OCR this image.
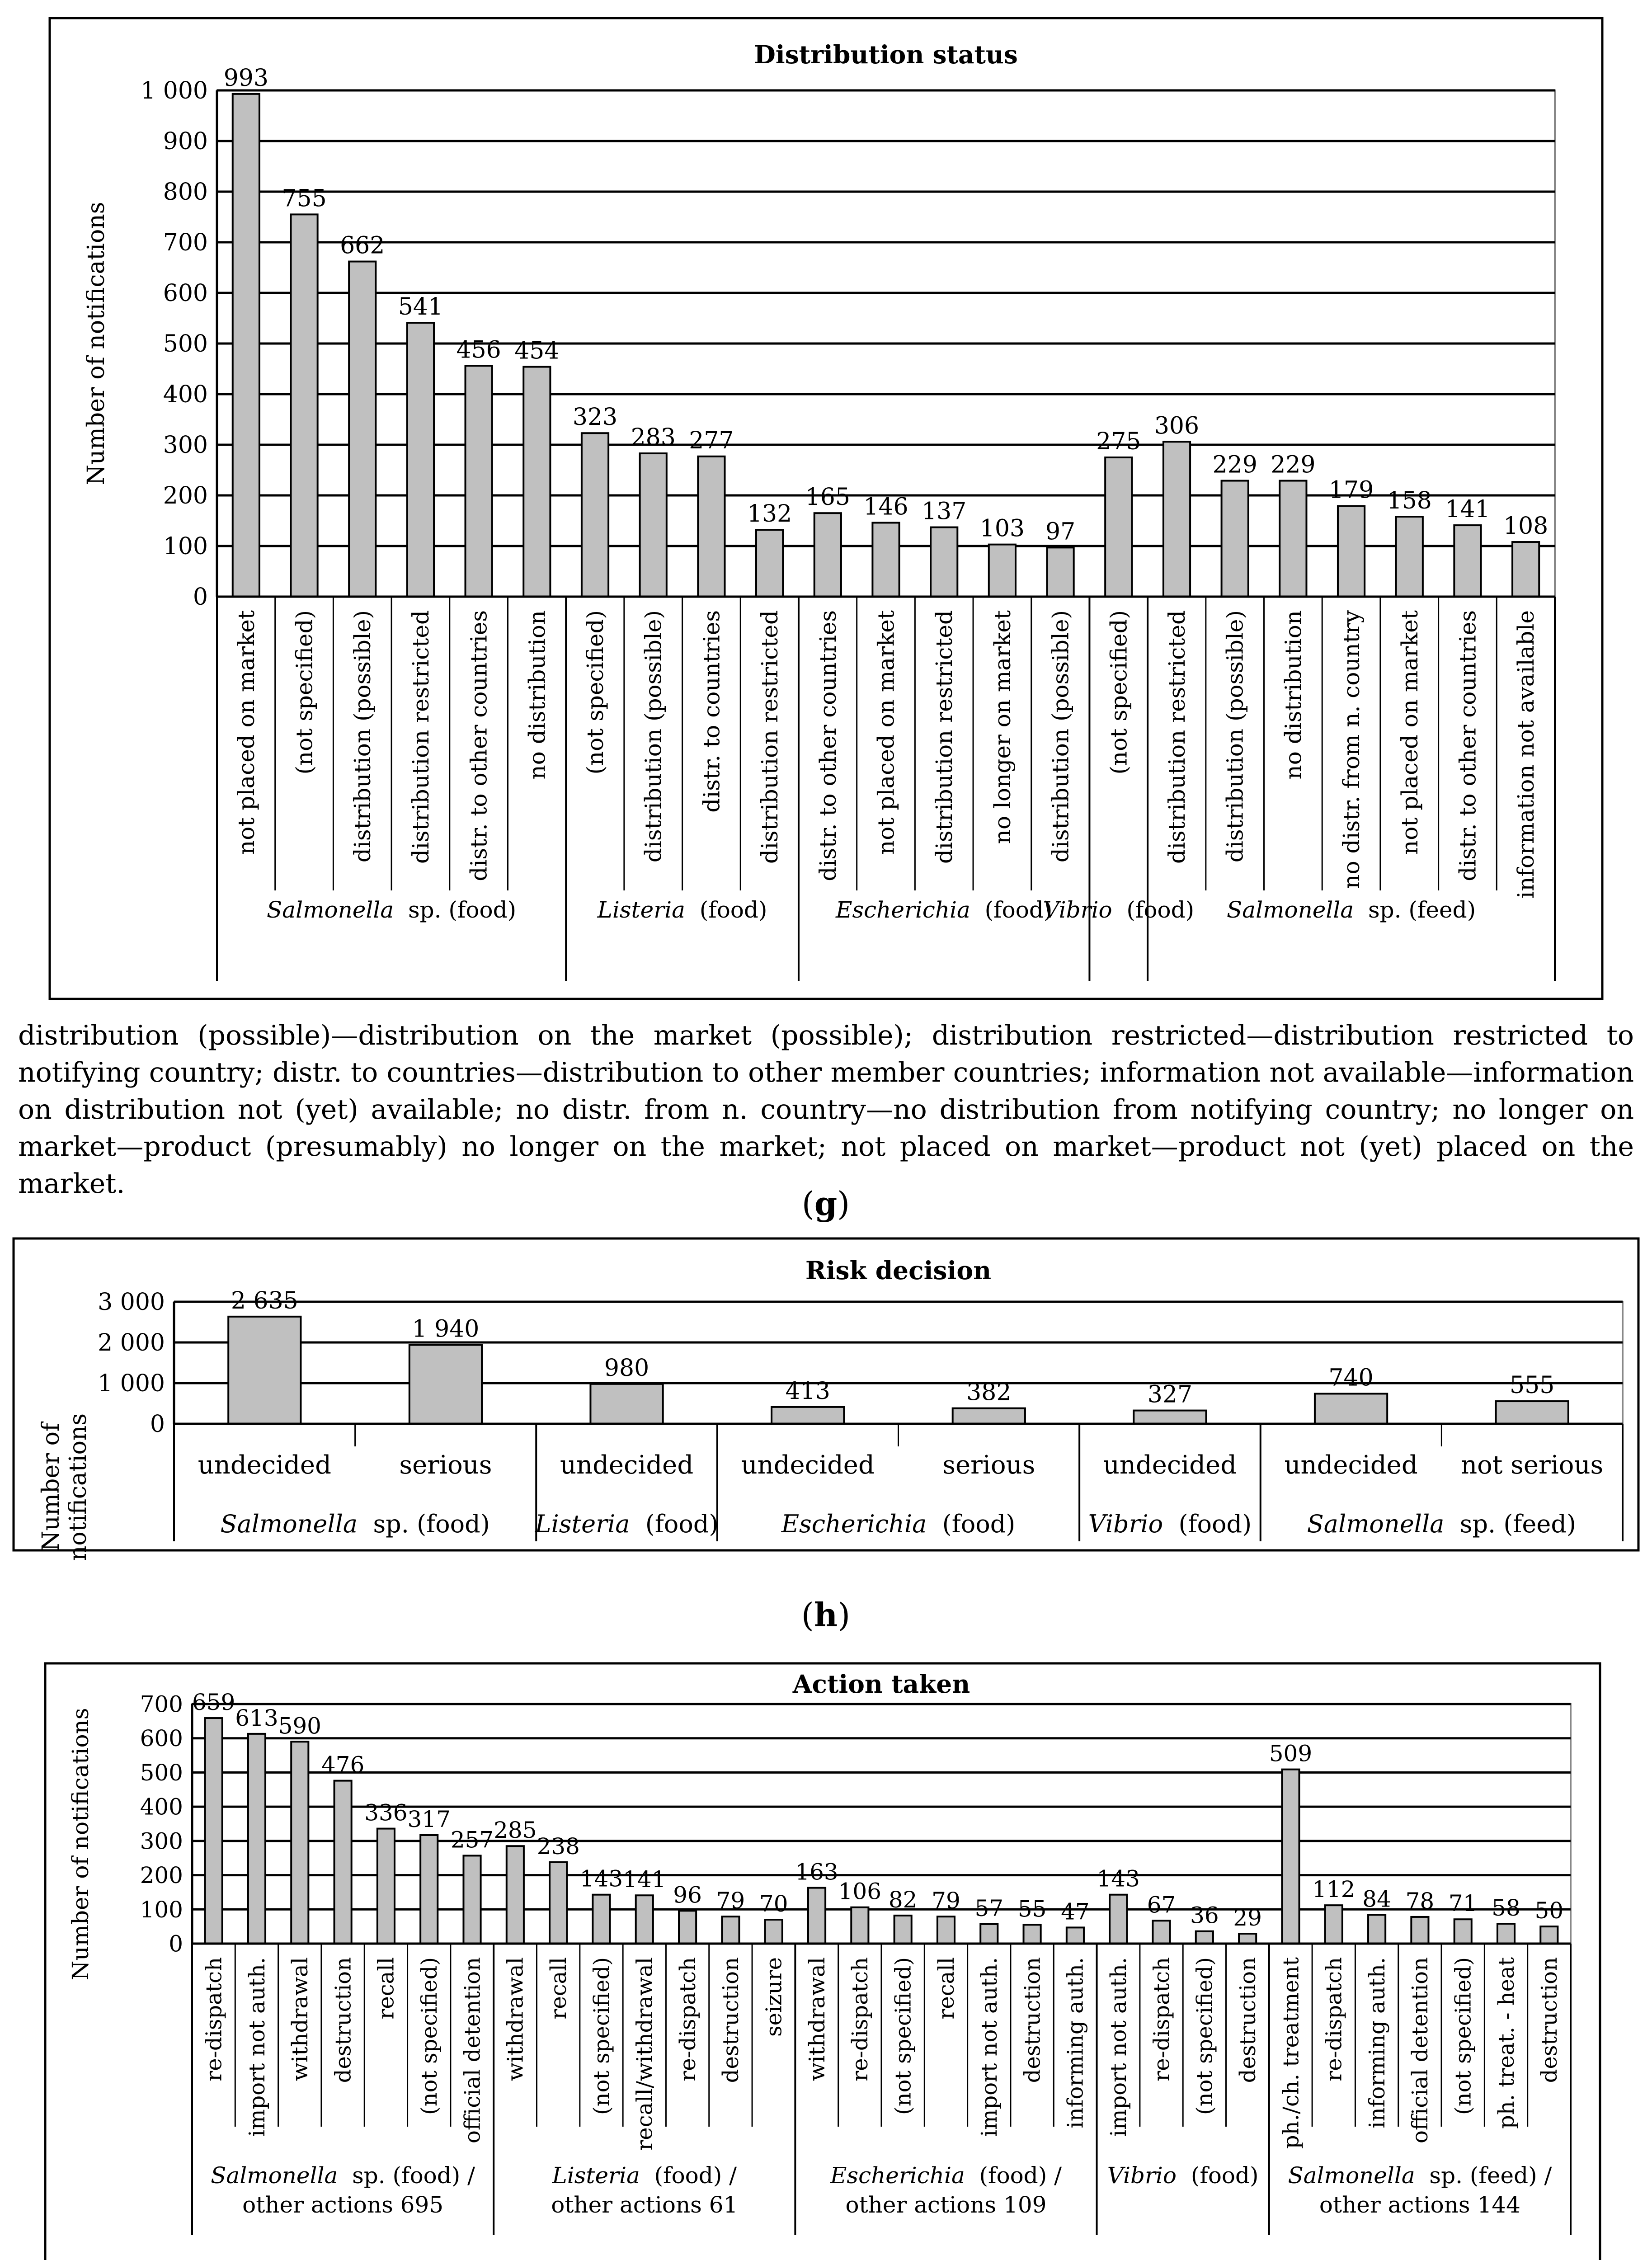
Distribution status
0
100
200
300
400
500
600
700
800
900
1 000
Number of notifications
993
not placed on market
755
(not specified)
662
distribution (possible)
541
distribution restricted
456
distr. to other countries
454
no distribution
323
(not specified)
283
distribution (possible)
277
distr. to countries
132
distribution restricted
165
distr. to other countries
146
not placed on market
137
distribution restricted
103
no longer on market
97
distribution (possible)
275
(not specified)
306
distribution restricted
229
distribution (possible)
229
no distribution
179
no distr. from n. country
158
not placed on market
141
distr. to other countries
108
information not available
Salmonella  sp. (food)	Listeria  (food)	Escherichia  (food)
Vibrio  (food) Salmonella  sp. (feed)
distribution (possible)—distribution on the market (possible); distribution restricted—distribution restricted to notifying country; distr. to countries—distribution to other member countries; information not available—information on distribution not (yet) available; no distr. from n. country—no distribution from notifying country; no longer on market—product (presumably) no longer on the market; not placed on market—product not (yet) placed on the market.
(g)
Risk decision
0
1 000
2 000
3 000
Number of notifications
2 635
undecided
1 940
serious
980
undecided
413
undecided
382
serious
327
undecided
740
undecided
555
not serious
Salmonella  sp. (food) Listeria  (food)	Escherichia  (food)	Vibrio  (food) Salmonella  sp. (feed)
(h)
Action taken
0
100
200
300
400
500
600
700
Number of notifications
659
re-dispatch
613
import not auth.
590
withdrawal
476
destruction
336
recall
317
(not specified)
257
official detention
285
withdrawal
238
recall
143
(not specified)
141
recall/withdrawal
96
re-dispatch
79
destruction
70
seizure
163
withdrawal
106
re-dispatch
82
(not specified)
79
recall
57
import not auth.
55
destruction
47
informing auth.
143
import not auth.
67
re-dispatch
36
(not specified)
29
destruction
509
ph./ch. treatment
112
re-dispatch
84
informing auth.
78
official detention
71
(not specified)
58
ph. treat. - heat
50
destruction
Salmonella  sp. (food) /
other actions 695
Listeria  (food) /
other actions 61
Escherichia  (food) /
other actions 109
Vibrio  (food) Salmonella  sp. (feed) /
other actions 144
